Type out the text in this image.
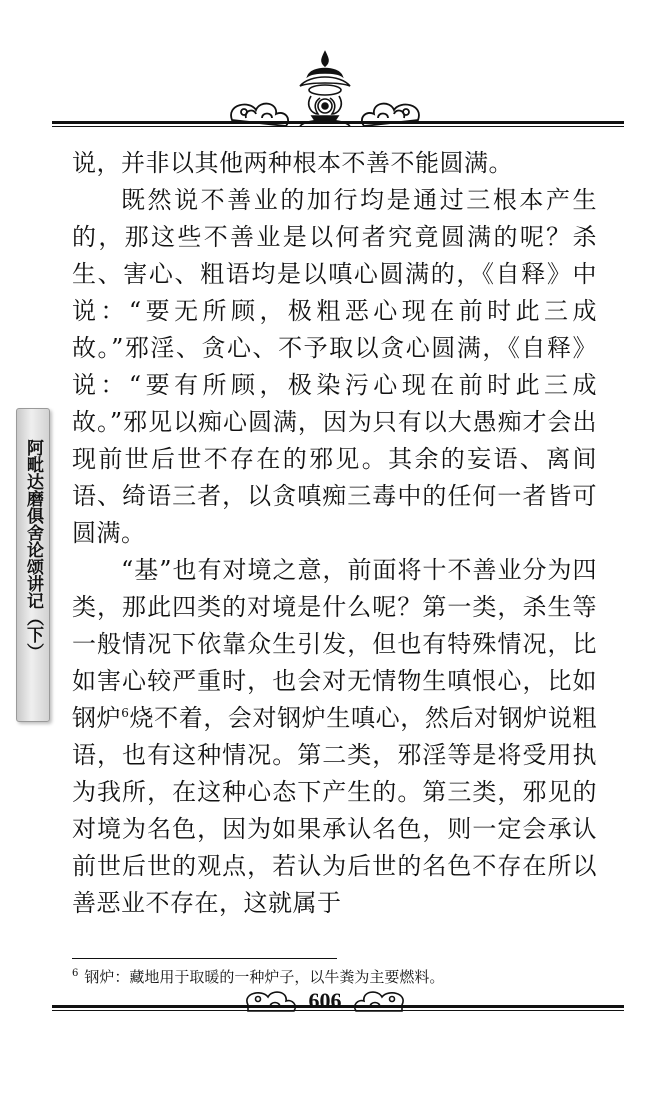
阿毗达磨俱舍论颂讲记（下）

说，并非以其他两种根本不善不能圆满。

既然说不善业的加行均是通过三根本产生的，那这些不善业是以何者究竟圆满的呢？杀生、害心、粗语均是以嗔心圆满的，《自释》中说：“要无所顾，极粗恶心现在前时此三成故。”邪淫、贪心、不予取以贪心圆满，《自释》说：“要有所顾，极染污心现在前时此三成故。”邪见以痴心圆满，因为只有以大愚痴才会出现前世后世不存在的邪见。其余的妄语、离间语、绮语三者，以贪嗔痴三毒中的任何一者皆可圆满。

“基”也有对境之意，前面将十不善业分为四类，那此四类的对境是什么呢？第一类，杀生等一般情况下依靠众生引发，但也有特殊情况，比如害心较严重时，也会对无情物生嗔恨心，比如钢炉$^6$烧不着，会对钢炉生嗔心，然后对钢炉说粗语，也有这种情况。第二类，邪淫等是将受用执为我所，在这种心态下产生的。第三类，邪见的对境为名色，因为如果承认名色，则一定会承认前世后世的观点，若认为后世的名色不存在所以善恶业不存在，这就属于

$^6$ 钢炉：藏地用于取暖的一种炉子，以牛粪为主要燃料。
606
